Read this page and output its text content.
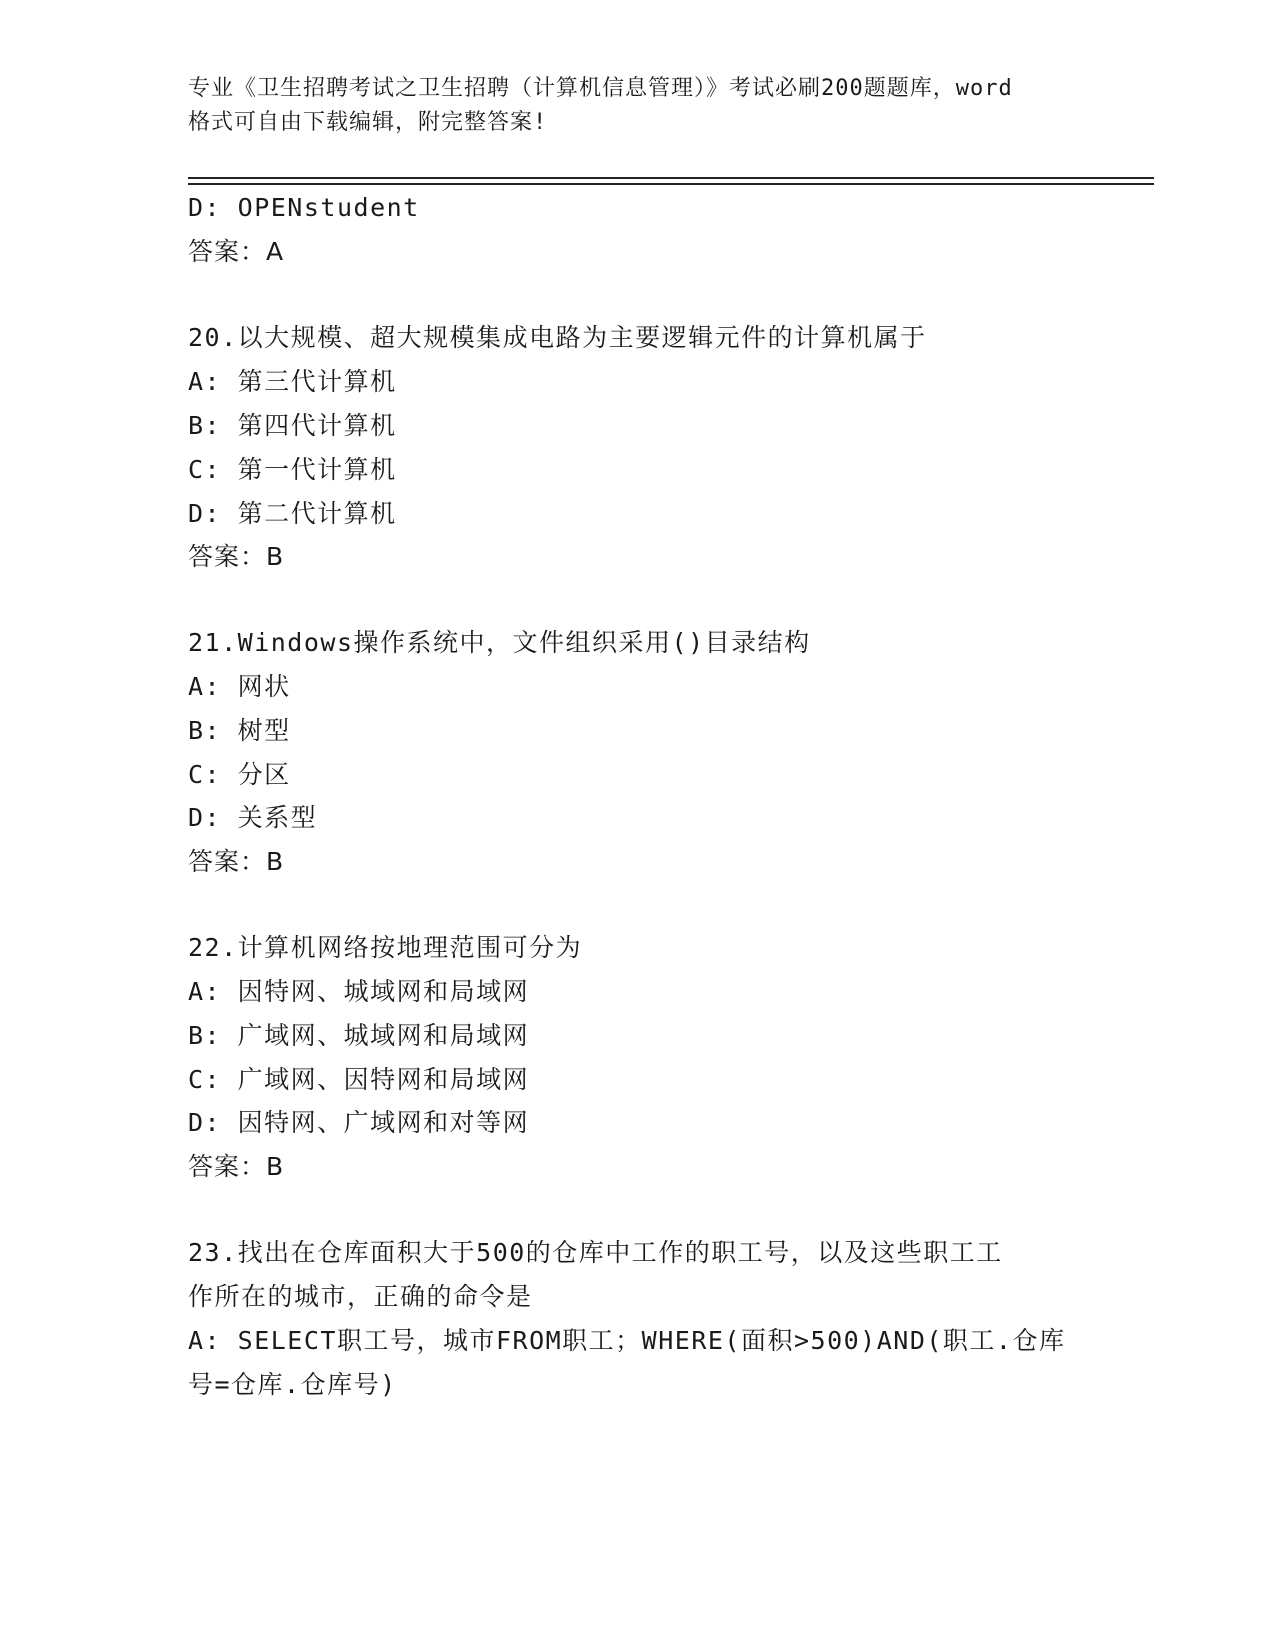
专业《卫生招聘考试之卫生招聘（计算机信息管理）》考试必刷200题题库，word
格式可自由下载编辑，附完整答案!
D: OPENstudent
答案：A
20.以大规模、超大规模集成电路为主要逻辑元件的计算机属于
A: 第三代计算机
B: 第四代计算机
C: 第一代计算机
D: 第二代计算机
答案：B
21.Windows操作系统中，文件组织采用()目录结构
A: 网状
B: 树型
C: 分区
D: 关系型
答案：B
22.计算机网络按地理范围可分为
A: 因特网、城域网和局域网
B: 广域网、城域网和局域网
C: 广域网、因特网和局域网
D: 因特网、广域网和对等网
答案：B
23.找出在仓库面积大于500的仓库中工作的职工号，以及这些职工工
作所在的城市，正确的命令是
A: SELECT职工号，城市FROM职工；WHERE(面积>500)AND(职工.仓库
号=仓库.仓库号)
